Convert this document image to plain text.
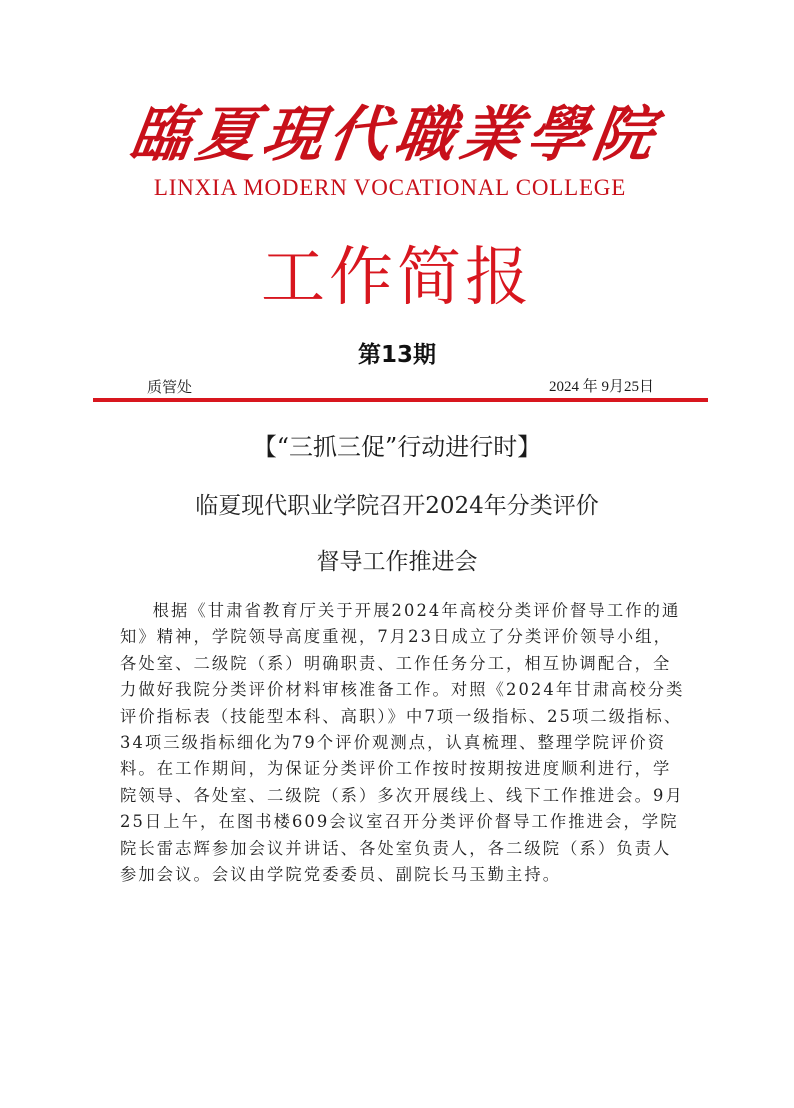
臨夏現代職業學院
LINXIA MODERN VOCATIONAL COLLEGE
工作简报
第13期
质管处	2024 年 9月25日
【“三抓三促”行动进行时】
临夏现代职业学院召开2024年分类评价
督导工作推进会

根据《甘肃省教育厅关于开展2024年高校分类评价督导工作的通知》精神，学院领导高度重视，7月23日成立了分类评价领导小组，各处室、二级院（系）明确职责、工作任务分工，相互协调配合，全力做好我院分类评价材料审核准备工作。对照《2024年甘肃高校分类评价指标表（技能型本科、高职）》中7项一级指标、25项二级指标、34项三级指标细化为79个评价观测点，认真梳理、整理学院评价资料。在工作期间，为保证分类评价工作按时按期按进度顺利进行，学院领导、各处室、二级院（系）多次开展线上、线下工作推进会。9月25日上午，在图书楼609会议室召开分类评价督导工作推进会，学院院长雷志辉参加会议并讲话、各处室负责人，各二级院（系）负责人参加会议。会议由学院党委委员、副院长马玉勤主持。
